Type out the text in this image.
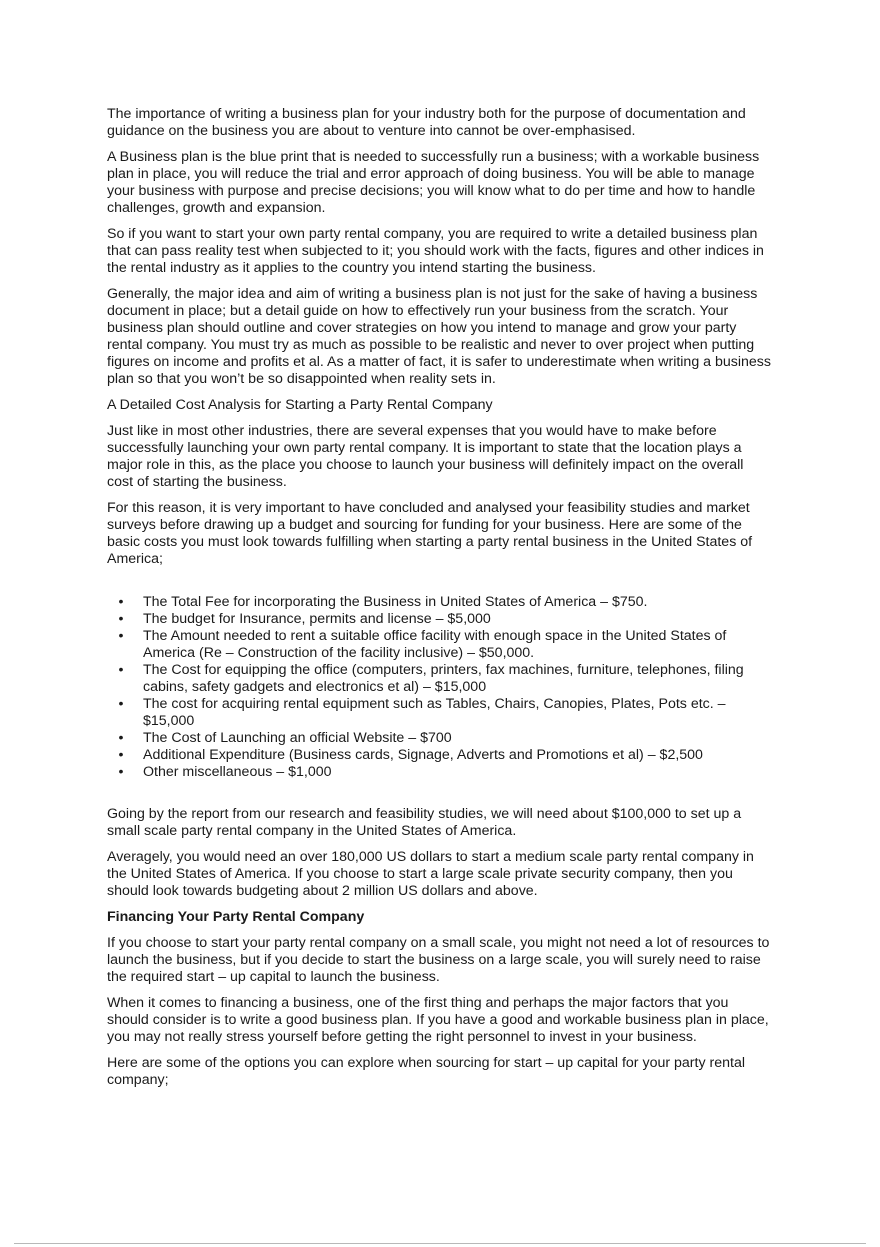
The importance of writing a business plan for your industry both for the purpose of documentation and guidance on the business you are about to venture into cannot be over-emphasised.

A Business plan is the blue print that is needed to successfully run a business; with a workable business plan in place, you will reduce the trial and error approach of doing business. You will be able to manage your business with purpose and precise decisions; you will know what to do per time and how to handle challenges, growth and expansion.

So if you want to start your own party rental company, you are required to write a detailed business plan that can pass reality test when subjected to it; you should work with the facts, figures and other indices in the rental industry as it applies to the country you intend starting the business.

Generally, the major idea and aim of writing a business plan is not just for the sake of having a business document in place; but a detail guide on how to effectively run your business from the scratch. Your business plan should outline and cover strategies on how you intend to manage and grow your party rental company. You must try as much as possible to be realistic and never to over project when putting figures on income and profits et al. As a matter of fact, it is safer to underestimate when writing a business plan so that you won’t be so disappointed when reality sets in.

A Detailed Cost Analysis for Starting a Party Rental Company

Just like in most other industries, there are several expenses that you would have to make before successfully launching your own party rental company. It is important to state that the location plays a major role in this, as the place you choose to launch your business will definitely impact on the overall cost of starting the business.

For this reason, it is very important to have concluded and analysed your feasibility studies and market surveys before drawing up a budget and sourcing for funding for your business. Here are some of the basic costs you must look towards fulfilling when starting a party rental business in the United States of America;

• The Total Fee for incorporating the Business in United States of America – $750.
• The budget for Insurance, permits and license – $5,000
• The Amount needed to rent a suitable office facility with enough space in the United States of America (Re – Construction of the facility inclusive) – $50,000.
• The Cost for equipping the office (computers, printers, fax machines, furniture, telephones, filing cabins, safety gadgets and electronics et al) – $15,000
• The cost for acquiring rental equipment such as Tables, Chairs, Canopies, Plates, Pots etc. – $15,000
• The Cost of Launching an official Website – $700
• Additional Expenditure (Business cards, Signage, Adverts and Promotions et al) – $2,500
• Other miscellaneous – $1,000

Going by the report from our research and feasibility studies, we will need about $100,000 to set up a small scale party rental company in the United States of America.

Averagely, you would need an over 180,000 US dollars to start a medium scale party rental company in the United States of America. If you choose to start a large scale private security company, then you should look towards budgeting about 2 million US dollars and above.

Financing Your Party Rental Company

If you choose to start your party rental company on a small scale, you might not need a lot of resources to launch the business, but if you decide to start the business on a large scale, you will surely need to raise the required start – up capital to launch the business.

When it comes to financing a business, one of the first thing and perhaps the major factors that you should consider is to write a good business plan. If you have a good and workable business plan in place, you may not really stress yourself before getting the right personnel to invest in your business.

Here are some of the options you can explore when sourcing for start – up capital for your party rental company;
